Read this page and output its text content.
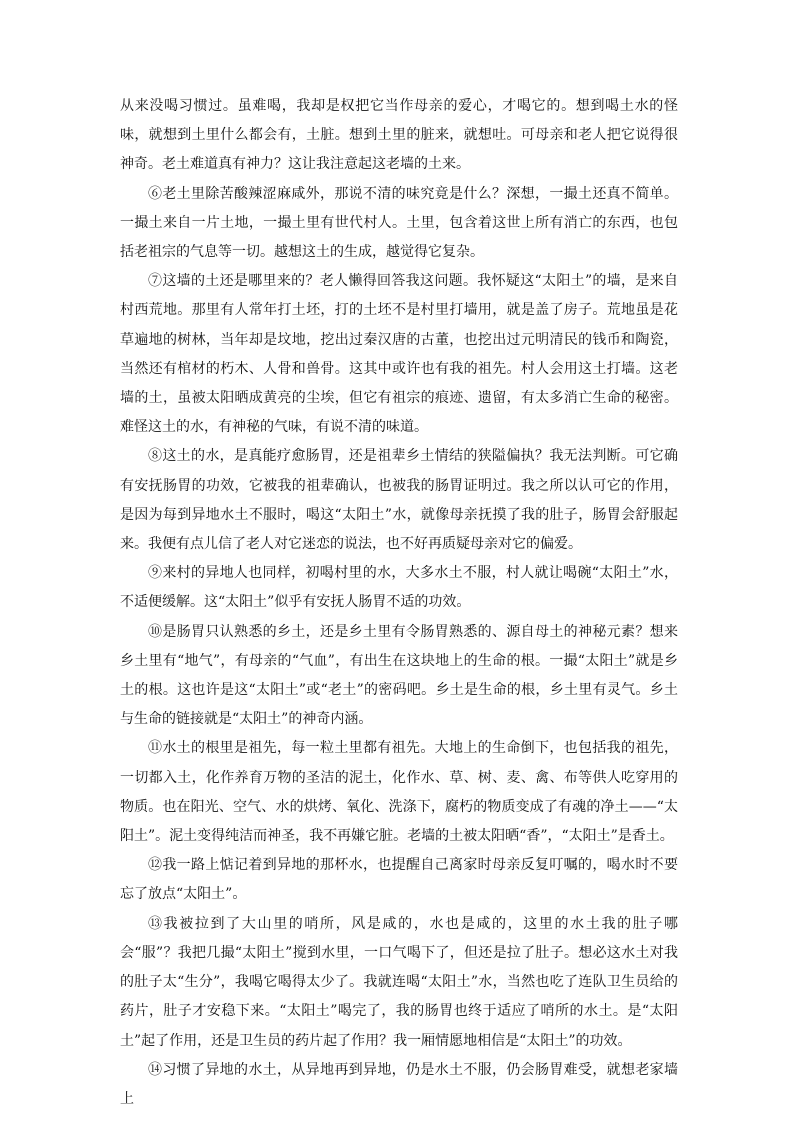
从来没喝习惯过。虽难喝，我却是权把它当作母亲的爱心，才喝它的。想到喝土水的怪味，就想到土里什么都会有，土脏。想到土里的脏来，就想吐。可母亲和老人把它说得很神奇。老土难道真有神力？这让我注意起这老墙的土来。

⑥老土里除苦酸辣涩麻咸外，那说不清的味究竟是什么？深想，一撮土还真不简单。一撮土来自一片土地，一撮土里有世代村人。土里，包含着这世上所有消亡的东西，也包括老祖宗的气息等一切。越想这土的生成，越觉得它复杂。

⑦这墙的土还是哪里来的？老人懒得回答我这问题。我怀疑这“太阳土”的墙，是来自村西荒地。那里有人常年打土坯，打的土坯不是村里打墙用，就是盖了房子。荒地虽是花草遍地的树林，当年却是坟地，挖出过秦汉唐的古董，也挖出过元明清民的钱币和陶瓷，当然还有棺材的朽木、人骨和兽骨。这其中或许也有我的祖先。村人会用这土打墙。这老墙的土，虽被太阳晒成黄亮的尘埃，但它有祖宗的痕迹、遗留，有太多消亡生命的秘密。难怪这土的水，有神秘的气味，有说不清的味道。

⑧这土的水，是真能疗愈肠胃，还是祖辈乡土情结的狭隘偏执？我无法判断。可它确有安抚肠胃的功效，它被我的祖辈确认，也被我的肠胃证明过。我之所以认可它的作用，是因为每到异地水土不服时，喝这“太阳土”水，就像母亲抚摸了我的肚子，肠胃会舒服起来。我便有点儿信了老人对它迷恋的说法，也不好再质疑母亲对它的偏爱。

⑨来村的异地人也同样，初喝村里的水，大多水土不服，村人就让喝碗“太阳土”水，不适便缓解。这“太阳土”似乎有安抚人肠胃不适的功效。

⑩是肠胃只认熟悉的乡土，还是乡土里有令肠胃熟悉的、源自母土的神秘元素？想来乡土里有“地气”，有母亲的“气血”，有出生在这块地上的生命的根。一撮“太阳土”就是乡土的根。这也许是这“太阳土”或“老土”的密码吧。乡土是生命的根，乡土里有灵气。乡土与生命的链接就是“太阳土”的神奇内涵。

⑪水土的根里是祖先，每一粒土里都有祖先。大地上的生命倒下，也包括我的祖先，一切都入土，化作养育万物的圣洁的泥土，化作水、草、树、麦、禽、布等供人吃穿用的物质。也在阳光、空气、水的烘烤、氧化、洗涤下，腐朽的物质变成了有魂的净土——“太阳土”。泥土变得纯洁而神圣，我不再嫌它脏。老墙的土被太阳晒“香”，“太阳土”是香土。

⑫我一路上惦记着到异地的那杯水，也提醒自己离家时母亲反复叮嘱的，喝水时不要忘了放点“太阳土”。

⑬我被拉到了大山里的哨所，风是咸的，水也是咸的，这里的水土我的肚子哪会“服”？我把几撮“太阳土”搅到水里，一口气喝下了，但还是拉了肚子。想必这水土对我的肚子太“生分”，我喝它喝得太少了。我就连喝“太阳土”水，当然也吃了连队卫生员给的药片，肚子才安稳下来。“太阳土”喝完了，我的肠胃也终于适应了哨所的水土。是“太阳土”起了作用，还是卫生员的药片起了作用？我一厢情愿地相信是“太阳土”的功效。

⑭习惯了异地的水土，从异地再到异地，仍是水土不服，仍会肠胃难受，就想老家墙上
